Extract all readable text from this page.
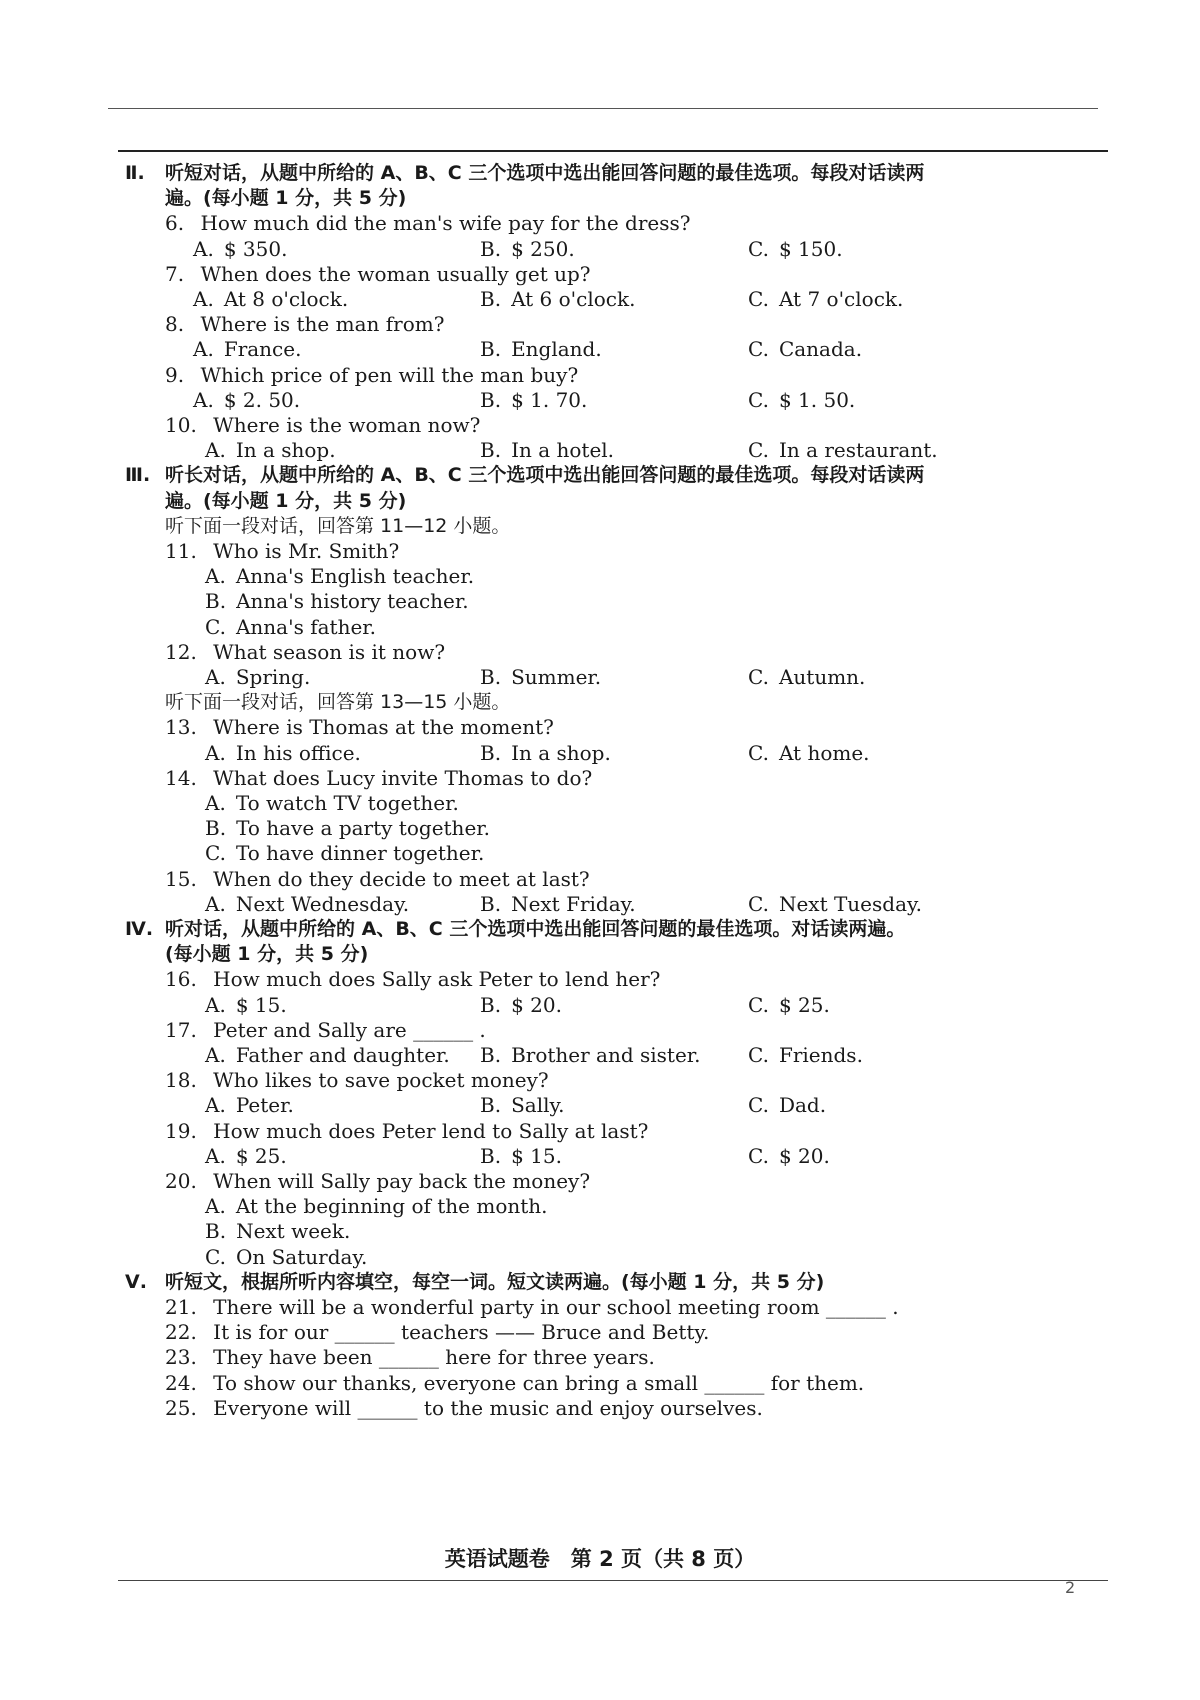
Ⅱ. 听短对话，从题中所给的 A、B、C 三个选项中选出能回答问题的最佳选项。每段对话读两
遍。(每小题 1 分，共 5 分)
6. How much did the man's wife pay for the dress?
A. $ 350.	B. $ 250.	C. $ 150.
7. When does the woman usually get up?
A. At 8 o'clock.	B. At 6 o'clock.	C. At 7 o'clock.
8. Where is the man from?
A. France.	B. England.	C. Canada.
9. Which price of pen will the man buy?
A. $ 2. 50.	B. $ 1. 70.	C. $ 1. 50.
10. Where is the woman now?
A. In a shop.	B. In a hotel.	C. In a restaurant.
Ⅲ. 听长对话，从题中所给的 A、B、C 三个选项中选出能回答问题的最佳选项。每段对话读两
遍。(每小题 1 分，共 5 分)
听下面一段对话，回答第 11—12 小题。
11. Who is Mr. Smith?
A. Anna's English teacher.
B. Anna's history teacher.
C. Anna's father.
12. What season is it now?
A. Spring.	B. Summer.	C. Autumn.
听下面一段对话，回答第 13—15 小题。
13. Where is Thomas at the moment?
A. In his office.	B. In a shop.	C. At home.
14. What does Lucy invite Thomas to do?
A. To watch TV together.
B. To have a party together.
C. To have dinner together.
15. When do they decide to meet at last?
A. Next Wednesday.	B. Next Friday.	C. Next Tuesday.
Ⅳ. 听对话，从题中所给的 A、B、C 三个选项中选出能回答问题的最佳选项。对话读两遍。
(每小题 1 分，共 5 分)
16. How much does Sally ask Peter to lend her?
A. $ 15.	B. $ 20.	C. $ 25.
17. Peter and Sally are ______ .
A. Father and daughter. B. Brother and sister. C. Friends.
18. Who likes to save pocket money?
A. Peter.	B. Sally.	C. Dad.
19. How much does Peter lend to Sally at last?
A. $ 25.	B. $ 15.	C. $ 20.
20. When will Sally pay back the money?
A. At the beginning of the month.
B. Next week.
C. On Saturday.
Ⅴ. 听短文，根据所听内容填空，每空一词。短文读两遍。(每小题 1 分，共 5 分)
21. There will be a wonderful party in our school meeting room ______ .
22. It is for our ______ teachers —— Bruce and Betty.
23. They have been ______ here for three years.
24. To show our thanks, everyone can bring a small ______ for them.
25. Everyone will ______ to the music and enjoy ourselves.
英语试题卷　第 2 页（共 8 页）
2
